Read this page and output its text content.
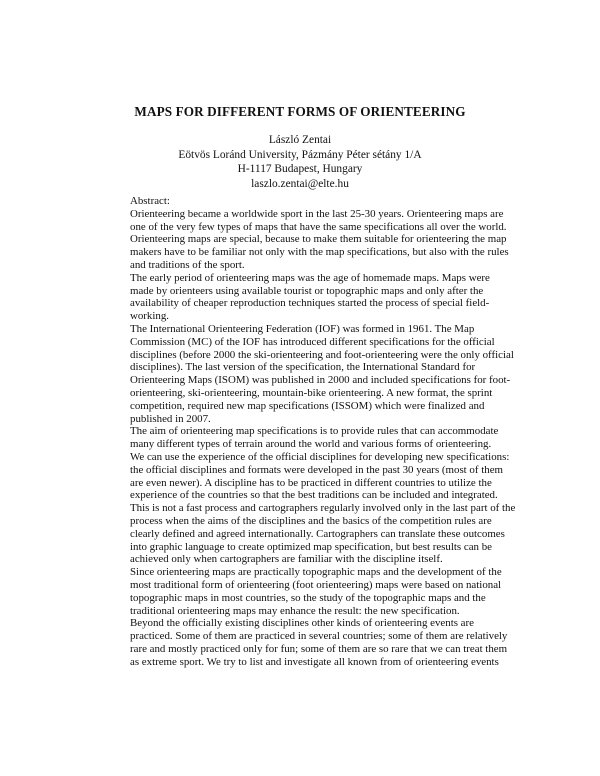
MAPS FOR DIFFERENT FORMS OF ORIENTEERING
László Zentai
Eötvös Loránd University, Pázmány Péter sétány 1/A
H-1117 Budapest, Hungary
laszlo.zentai@elte.hu
Abstract:
Orienteering became a worldwide sport in the last 25-30 years. Orienteering maps are
one of the very few types of maps that have the same specifications all over the world.
Orienteering maps are special, because to make them suitable for orienteering the map
makers have to be familiar not only with the map specifications, but also with the rules
and traditions of the sport.
The early period of orienteering maps was the age of homemade maps. Maps were
made by orienteers using available tourist or topographic maps and only after the
availability of cheaper reproduction techniques started the process of special field-
working.
The International Orienteering Federation (IOF) was formed in 1961. The Map
Commission (MC) of the IOF has introduced different specifications for the official
disciplines (before 2000 the ski-orienteering and foot-orienteering were the only official
disciplines). The last version of the specification, the International Standard for
Orienteering Maps (ISOM) was published in 2000 and included specifications for foot-
orienteering, ski-orienteering, mountain-bike orienteering. A new format, the sprint
competition, required new map specifications (ISSOM) which were finalized and
published in 2007.
The aim of orienteering map specifications is to provide rules that can accommodate
many different types of terrain around the world and various forms of orienteering.
We can use the experience of the official disciplines for developing new specifications:
the official disciplines and formats were developed in the past 30 years (most of them
are even newer). A discipline has to be practiced in different countries to utilize the
experience of the countries so that the best traditions can be included and integrated.
This is not a fast process and cartographers regularly involved only in the last part of the
process when the aims of the disciplines and the basics of the competition rules are
clearly defined and agreed internationally. Cartographers can translate these outcomes
into graphic language to create optimized map specification, but best results can be
achieved only when cartographers are familiar with the discipline itself.
Since orienteering maps are practically topographic maps and the development of the
most traditional form of orienteering (foot orienteering) maps were based on national
topographic maps in most countries, so the study of the topographic maps and the
traditional orienteering maps may enhance the result: the new specification.
Beyond the officially existing disciplines other kinds of orienteering events are
practiced. Some of them are practiced in several countries; some of them are relatively
rare and mostly practiced only for fun; some of them are so rare that we can treat them
as extreme sport. We try to list and investigate all known from of orienteering events
